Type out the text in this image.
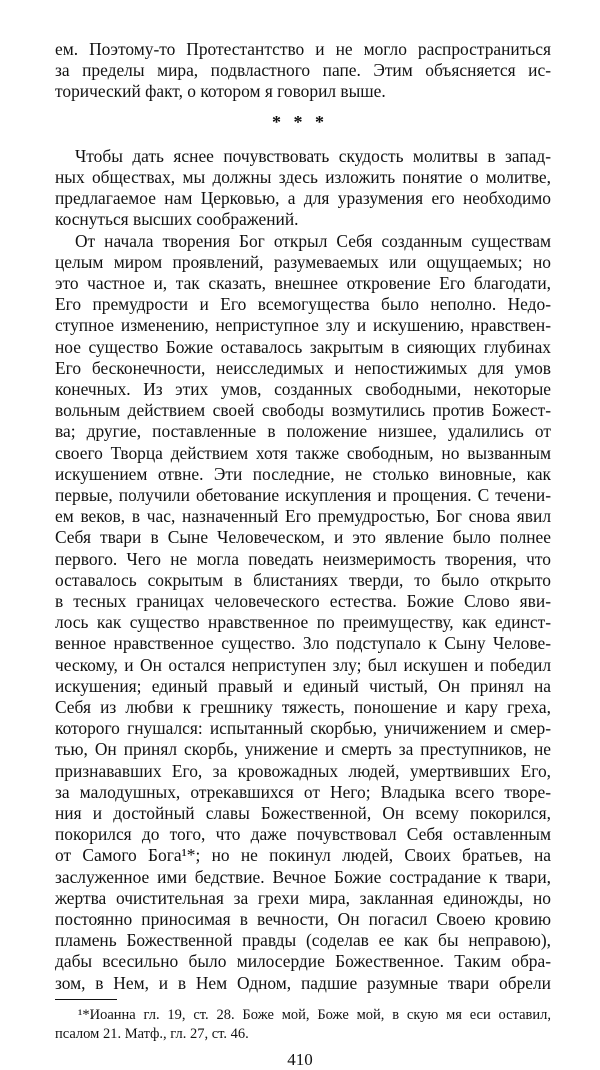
ем. Поэтому-то Протестантство и не могло распространиться
за пределы мира, подвластного папе. Этим объясняется ис-
торический факт, о котором я говорил выше.
* * *
Чтобы дать яснее почувствовать скудость молитвы в запад-
ных обществах, мы должны здесь изложить понятие о молитве,
предлагаемое нам Церковью, а для уразумения его необходимо
коснуться высших соображений.
От начала творения Бог открыл Себя созданным существам
целым миром проявлений, разумеваемых или ощущаемых; но
это частное и, так сказать, внешнее откровение Его благодати,
Его премудрости и Его всемогущества было неполно. Недо-
ступное изменению, неприступное злу и искушению, нравствен-
ное существо Божие оставалось закрытым в сияющих глубинах
Его бесконечности, неисследимых и непостижимых для умов
конечных. Из этих умов, созданных свободными, некоторые
вольным действием своей свободы возмутились против Божест-
ва; другие, поставленные в положение низшее, удалились от
своего Творца действием хотя также свободным, но вызванным
искушением отвне. Эти последние, не столько виновные, как
первые, получили обетование искупления и прощения. С течени-
ем веков, в час, назначенный Его премудростью, Бог снова явил
Себя твари в Сыне Человеческом, и это явление было полнее
первого. Чего не могла поведать неизмеримость творения, что
оставалось сокрытым в блистаниях тверди, то было открыто
в тесных границах человеческого естества. Божие Слово яви-
лось как существо нравственное по преимуществу, как единст-
венное нравственное существо. Зло подступало к Сыну Челове-
ческому, и Он остался неприступен злу; был искушен и победил
искушения; единый правый и единый чистый, Он принял на
Себя из любви к грешнику тяжесть, поношение и кару греха,
которого гнушался: испытанный скорбью, уничижением и смер-
тью, Он принял скорбь, унижение и смерть за преступников, не
признававших Его, за кровожадных людей, умертвивших Его,
за малодушных, отрекавшихся от Него; Владыка всего творе-
ния и достойный славы Божественной, Он всему покорился,
покорился до того, что даже почувствовал Себя оставленным
от Самого Бога¹*; но не покинул людей, Своих братьев, на
заслуженное ими бедствие. Вечное Божие сострадание к твари,
жертва очистительная за грехи мира, закланная единожды, но
постоянно приносимая в вечности, Он погасил Своею кровию
пламень Божественной правды (соделав ее как бы неправою),
дабы всесильно было милосердие Божественное. Таким обра-
зом, в Нем, и в Нем Одном, падшие разумные твари обрели
¹*Иоанна гл. 19, ст. 28. Боже мой, Боже мой, в скую мя еси оставил,
псалом 21. Матф., гл. 27, ст. 46.
410
